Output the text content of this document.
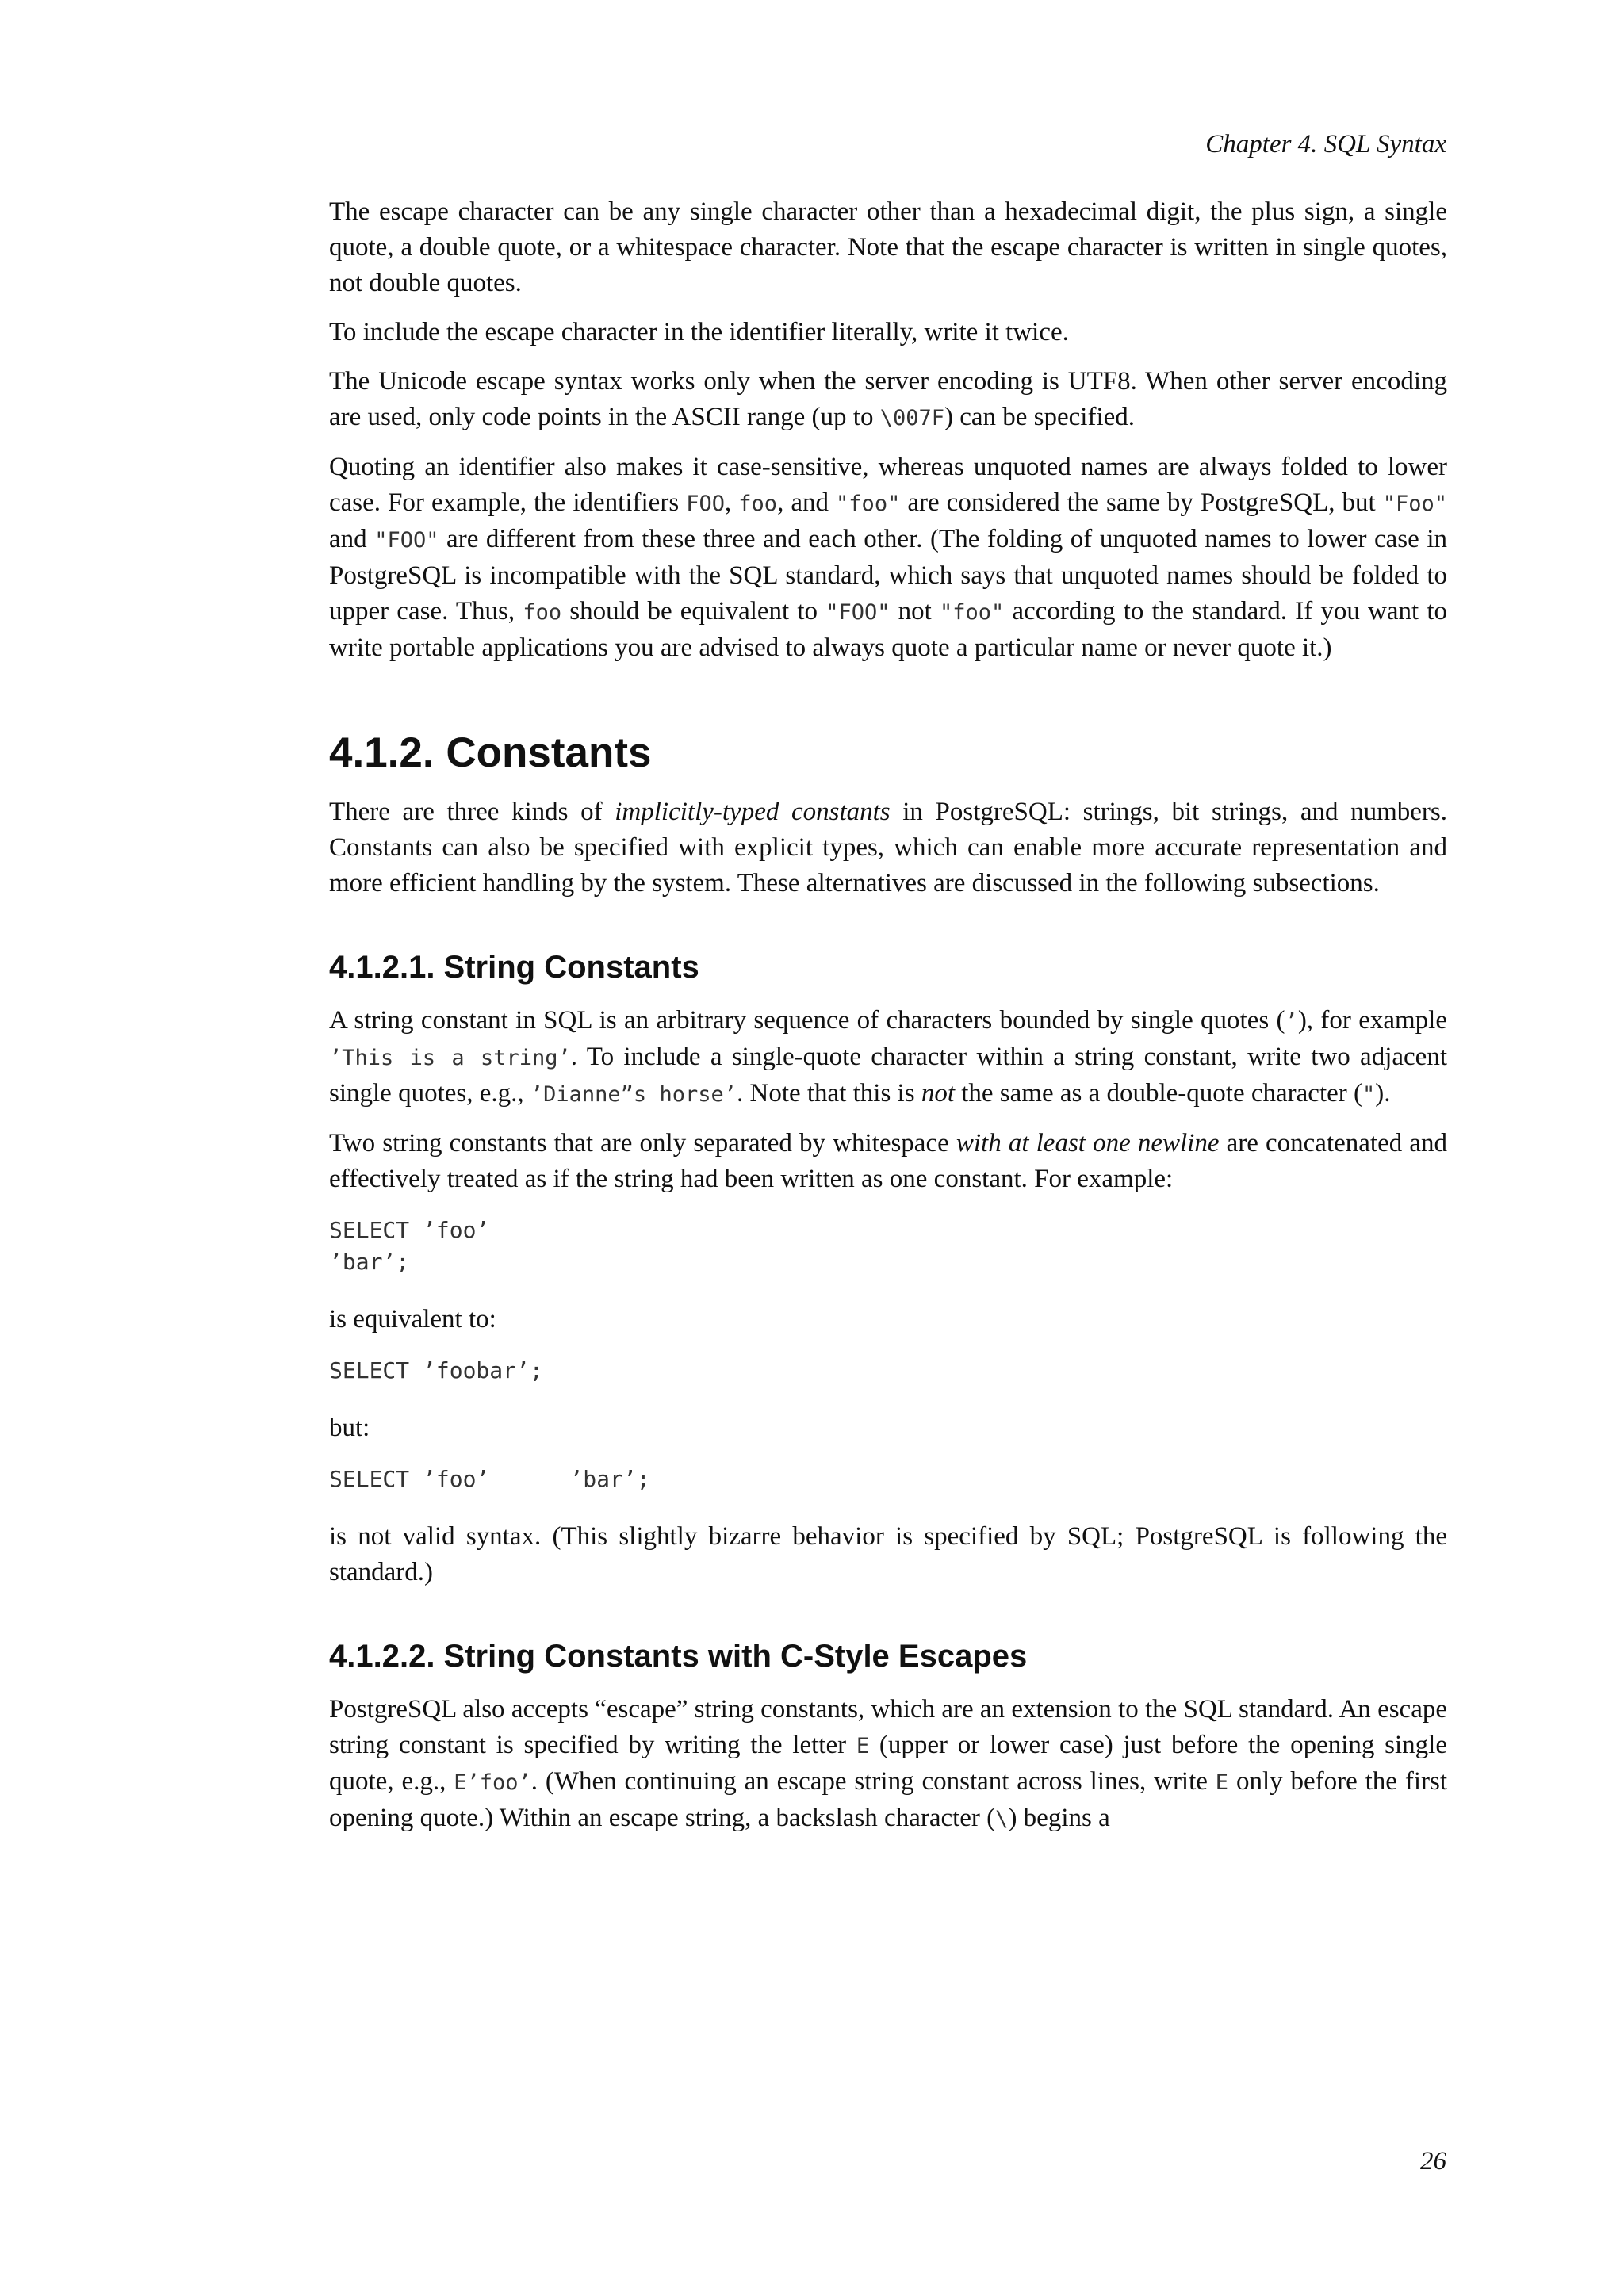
Chapter 4. SQL Syntax

The escape character can be any single character other than a hexadecimal digit, the plus sign, a single quote, a double quote, or a whitespace character. Note that the escape character is written in single quotes, not double quotes.

To include the escape character in the identifier literally, write it twice.

The Unicode escape syntax works only when the server encoding is UTF8. When other server encoding are used, only code points in the ASCII range (up to \007F) can be specified.

Quoting an identifier also makes it case-sensitive, whereas unquoted names are always folded to lower case. For example, the identifiers FOO, foo, and "foo" are considered the same by PostgreSQL, but "Foo" and "FOO" are different from these three and each other. (The folding of unquoted names to lower case in PostgreSQL is incompatible with the SQL standard, which says that unquoted names should be folded to upper case. Thus, foo should be equivalent to "FOO" not "foo" according to the standard. If you want to write portable applications you are advised to always quote a particular name or never quote it.)

4.1.2. Constants

There are three kinds of implicitly-typed constants in PostgreSQL: strings, bit strings, and numbers. Constants can also be specified with explicit types, which can enable more accurate representation and more efficient handling by the system. These alternatives are discussed in the following subsections.

4.1.2.1. String Constants

A string constant in SQL is an arbitrary sequence of characters bounded by single quotes (’), for example ’This is a string’. To include a single-quote character within a string constant, write two adjacent single quotes, e.g., ’Dianne”s horse’. Note that this is not the same as a double-quote character (").

Two string constants that are only separated by whitespace with at least one newline are concatenated and effectively treated as if the string had been written as one constant. For example:

SELECT ’foo’
’bar’;

is equivalent to:

SELECT ’foobar’;

but:

SELECT ’foo’      ’bar’;

is not valid syntax. (This slightly bizarre behavior is specified by SQL; PostgreSQL is following the standard.)

4.1.2.2. String Constants with C-Style Escapes

PostgreSQL also accepts “escape” string constants, which are an extension to the SQL standard. An escape string constant is specified by writing the letter E (upper or lower case) just before the opening single quote, e.g., E’foo’. (When continuing an escape string constant across lines, write E only before the first opening quote.) Within an escape string, a backslash character (\) begins a

26
